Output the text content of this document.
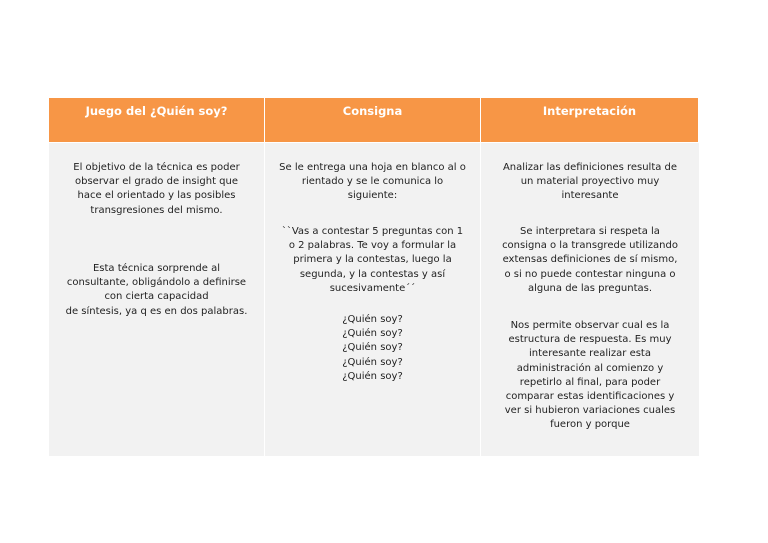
Juego del ¿Quién soy?	Consigna	Interpretación
El objetivo de la técnica es poder
observar el grado de insight que
hace el orientado y las posibles
transgresiones del mismo.
Esta técnica sorprende al
consultante, obligándolo a definirse
con cierta capacidad
de síntesis, ya q es en dos palabras.
Se le entrega una hoja en blanco al o
rientado y se le comunica lo
siguiente:
``Vas a contestar 5 preguntas con 1
o 2 palabras. Te voy a formular la
primera y la contestas, luego la
segunda, y la contestas y así
sucesivamente´´
¿Quién soy?
¿Quién soy?
¿Quién soy?
¿Quién soy?
¿Quién soy?
Analizar las definiciones resulta de
un material proyectivo muy
interesante
Se interpretara si respeta la
consigna o la transgrede utilizando
extensas definiciones de sí mismo,
o si no puede contestar ninguna o
alguna de las preguntas.
Nos permite observar cual es la
estructura de respuesta. Es muy
interesante realizar esta
administración al comienzo y
repetirlo al final, para poder
comparar estas identificaciones y
ver si hubieron variaciones cuales
fueron y porque
